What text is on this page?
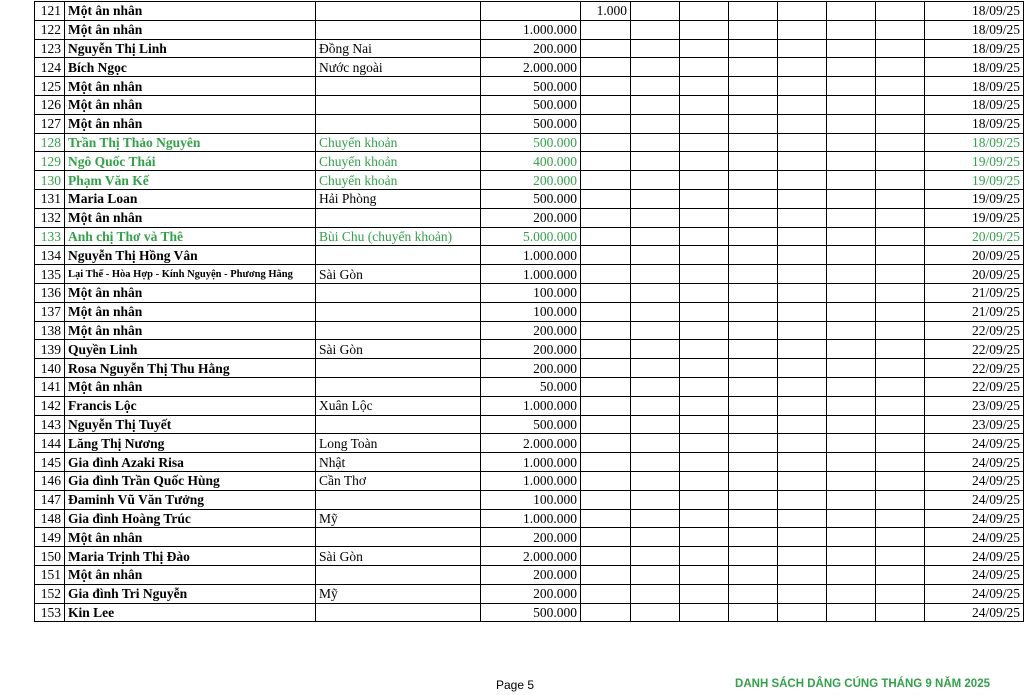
121	Một ân nhân			1.000							18/09/25
122	Một ân nhân		1.000.000								18/09/25
123	Nguyễn Thị Linh	Đồng Nai	200.000								18/09/25
124	Bích Ngọc	Nước ngoài	2.000.000								18/09/25
125	Một ân nhân		500.000								18/09/25
126	Một ân nhân		500.000								18/09/25
127	Một ân nhân		500.000								18/09/25
128	Trần Thị Thảo Nguyên	Chuyển khoản	500.000								18/09/25
129	Ngô Quốc Thái	Chuyển khoản	400.000								19/09/25
130	Phạm Văn Kế	Chuyển khoản	200.000								19/09/25
131	Maria Loan	Hải Phòng	500.000								19/09/25
132	Một ân nhân		200.000								19/09/25
133	Anh chị Thơ và Thê	Bùi Chu (chuyển khoản)	5.000.000								20/09/25
134	Nguyễn Thị Hồng Vân		1.000.000								20/09/25
135	Lại Thế - Hòa Hợp - Kính Nguyện - Phương Hằng	Sài Gòn	1.000.000								20/09/25
136	Một ân nhân		100.000								21/09/25
137	Một ân nhân		100.000								21/09/25
138	Một ân nhân		200.000								22/09/25
139	Quyền Linh	Sài Gòn	200.000								22/09/25
140	Rosa Nguyễn Thị Thu Hằng		200.000								22/09/25
141	Một ân nhân		50.000								22/09/25
142	Francis Lộc	Xuân Lộc	1.000.000								23/09/25
143	Nguyễn Thị Tuyết		500.000								23/09/25
144	Lăng Thị Nương	Long Toàn	2.000.000								24/09/25
145	Gia đình Azaki Risa	Nhật	1.000.000								24/09/25
146	Gia đình Trần Quốc Hùng	Cần Thơ	1.000.000								24/09/25
147	Đaminh Vũ Văn Tưởng		100.000								24/09/25
148	Gia đình Hoàng Trúc	Mỹ	1.000.000								24/09/25
149	Một ân nhân		200.000								24/09/25
150	Maria Trịnh Thị Đào	Sài Gòn	2.000.000								24/09/25
151	Một ân nhân		200.000								24/09/25
152	Gia đình Tri Nguyễn	Mỹ	200.000								24/09/25
153	Kin Lee		500.000								24/09/25
Page 5	DANH SÁCH DÂNG CÚNG THÁNG 9 NĂM 2025
